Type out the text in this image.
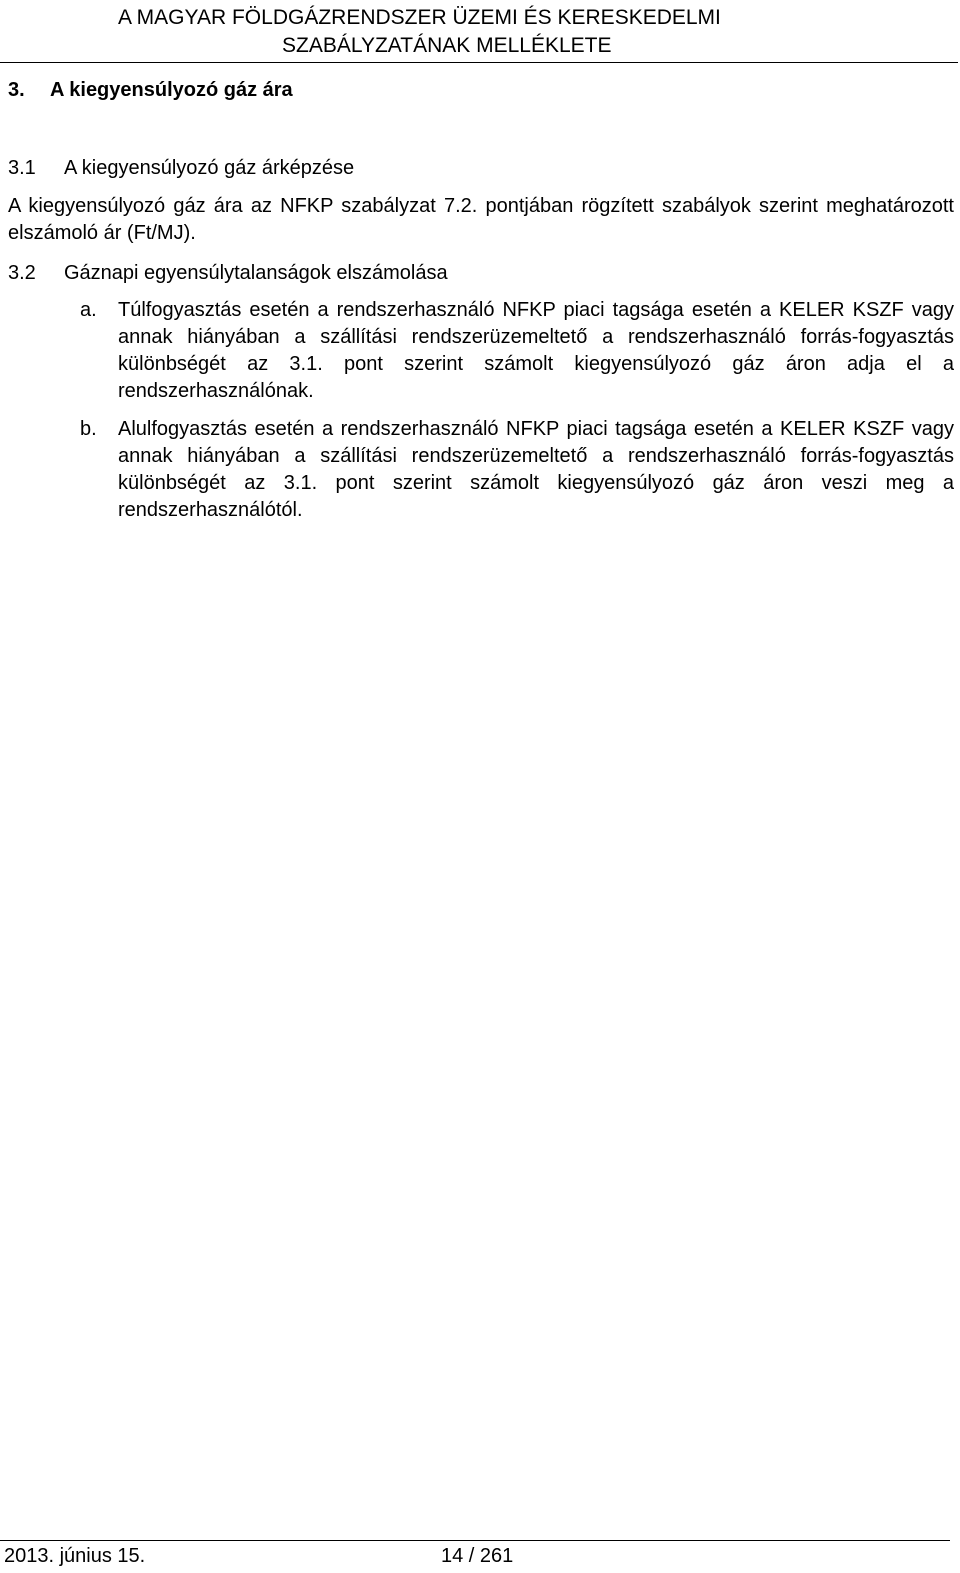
A MAGYAR FÖLDGÁZRENDSZER ÜZEMI ÉS KERESKEDELMI
SZABÁLYZATÁNAK MELLÉKLETE
3. A kiegyensúlyozó gáz ára
3.1 A kiegyensúlyozó gáz árképzése

A kiegyensúlyozó gáz ára az NFKP szabályzat 7.2. pontjában rögzített szabályok szerint meghatározott elszámoló ár (Ft/MJ).

3.2 Gáznapi egyensúlytalanságok elszámolása
a.	Túlfogyasztás esetén a rendszerhasználó NFKP piaci tagsága esetén a KELER KSZF vagy annak hiányában a szállítási rendszerüzemeltető a rendszerhasználó forrás-fogyasztás különbségét az 3.1. pont szerint számolt kiegyensúlyozó gáz áron adja el a rendszerhasználónak.
b.	Alulfogyasztás esetén a rendszerhasználó NFKP piaci tagsága esetén a KELER KSZF vagy annak hiányában a szállítási rendszerüzemeltető a rendszerhasználó forrás-fogyasztás különbségét az 3.1. pont szerint számolt kiegyensúlyozó gáz áron veszi meg a rendszerhasználótól.
2013. június 15.	14 / 261
